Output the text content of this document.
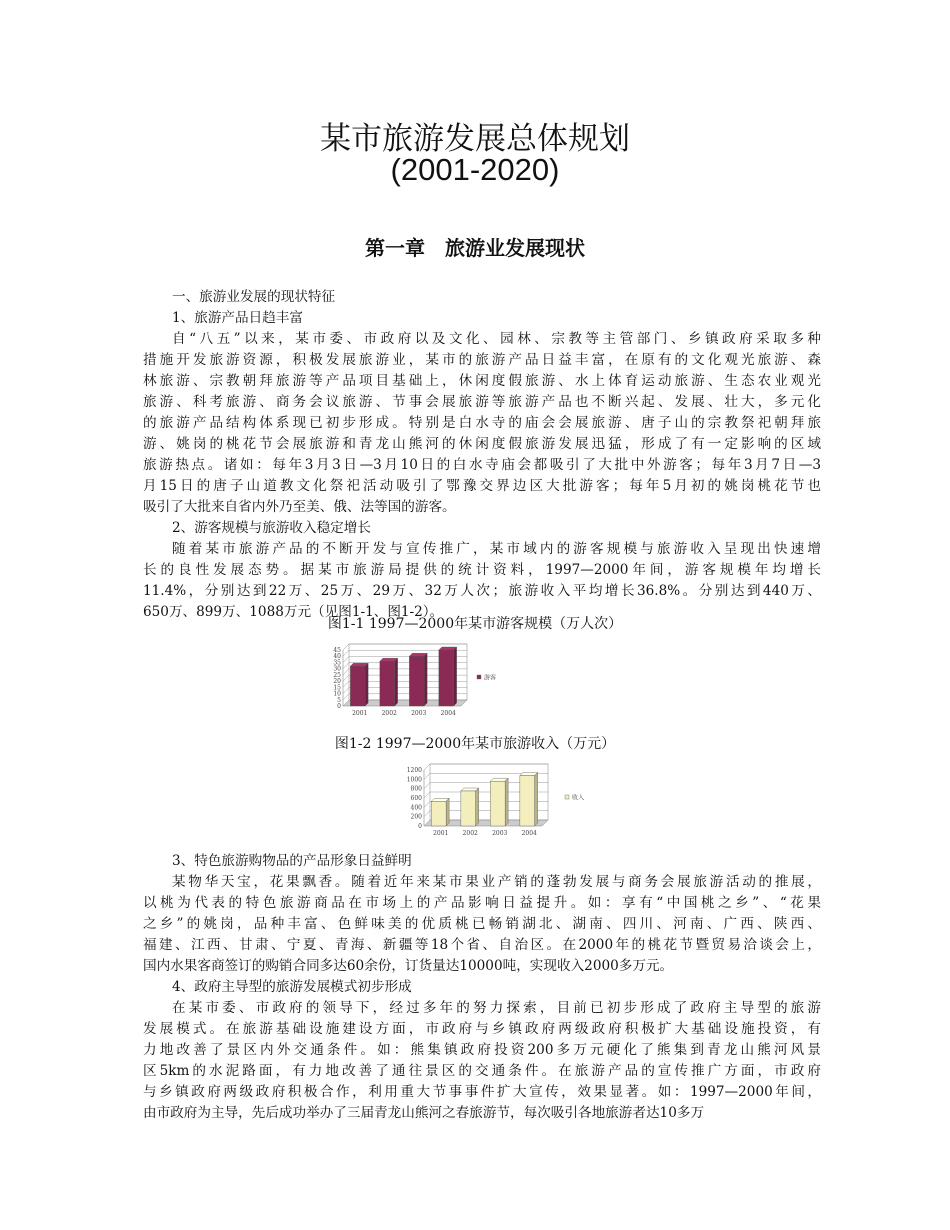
某市旅游发展总体规划
(2001-2020)
第一章　旅游业发展现状
一、旅游业发展的现状特征
1、旅游产品日趋丰富
自“八五”以来，某市委、市政府以及文化、园林、宗教等主管部门、乡镇政府采取多种
措施开发旅游资源，积极发展旅游业，某市的旅游产品日益丰富，在原有的文化观光旅游、森
林旅游、宗教朝拜旅游等产品项目基础上，休闲度假旅游、水上体育运动旅游、生态农业观光
旅游、科考旅游、商务会议旅游、节事会展旅游等旅游产品也不断兴起、发展、壮大，多元化
的旅游产品结构体系现已初步形成。特别是白水寺的庙会会展旅游、唐子山的宗教祭祀朝拜旅
游、姚岗的桃花节会展旅游和青龙山熊河的休闲度假旅游发展迅猛，形成了有一定影响的区域
旅游热点。诸如：每年3月3日—3月10日的白水寺庙会都吸引了大批中外游客；每年3月7日—3
月15日的唐子山道教文化祭祀活动吸引了鄂豫交界边区大批游客；每年5月初的姚岗桃花节也
吸引了大批来自省内外乃至美、俄、法等国的游客。
2、游客规模与旅游收入稳定增长
随着某市旅游产品的不断开发与宣传推广，某市域内的游客规模与旅游收入呈现出快速增
长的良性发展态势。据某市旅游局提供的统计资料，1997—2000年间，游客规模年均增长
11.4%，分别达到22万、25万、29万、32万人次；旅游收入平均增长36.8%。分别达到440万、
650万、899万、1088万元（见图1-1、图1-2）。
图1-1 1997—2000年某市游客规模（万人次）
0
5
10
15
20
25
30
35
40
45
2001 2002 2003 2004
游客
图1-2 1997—2000年某市旅游收入（万元）
0
200
400
600
800
1000
1200
2001 2002 2003 2004
收入
3、特色旅游购物品的产品形象日益鲜明
某物华天宝，花果飘香。随着近年来某市果业产销的蓬勃发展与商务会展旅游活动的推展，
以桃为代表的特色旅游商品在市场上的产品影响日益提升。如：享有“中国桃之乡”、“花果
之乡”的姚岗，品种丰富、色鲜味美的优质桃已畅销湖北、湖南、四川、河南、广西、陕西、
福建、江西、甘肃、宁夏、青海、新疆等18个省、自治区。在2000年的桃花节暨贸易洽谈会上，
国内水果客商签订的购销合同多达60余份，订货量达10000吨，实现收入2000多万元。
4、政府主导型的旅游发展模式初步形成
在某市委、市政府的领导下，经过多年的努力探索，目前已初步形成了政府主导型的旅游
发展模式。在旅游基础设施建设方面，市政府与乡镇政府两级政府积极扩大基础设施投资，有
力地改善了景区内外交通条件。如：熊集镇政府投资200多万元硬化了熊集到青龙山熊河风景
区5km的水泥路面，有力地改善了通往景区的交通条件。在旅游产品的宣传推广方面，市政府
与乡镇政府两级政府积极合作，利用重大节事事件扩大宣传，效果显著。如：1997—2000年间，
由市政府为主导，先后成功举办了三届青龙山熊河之春旅游节，每次吸引各地旅游者达10多万
